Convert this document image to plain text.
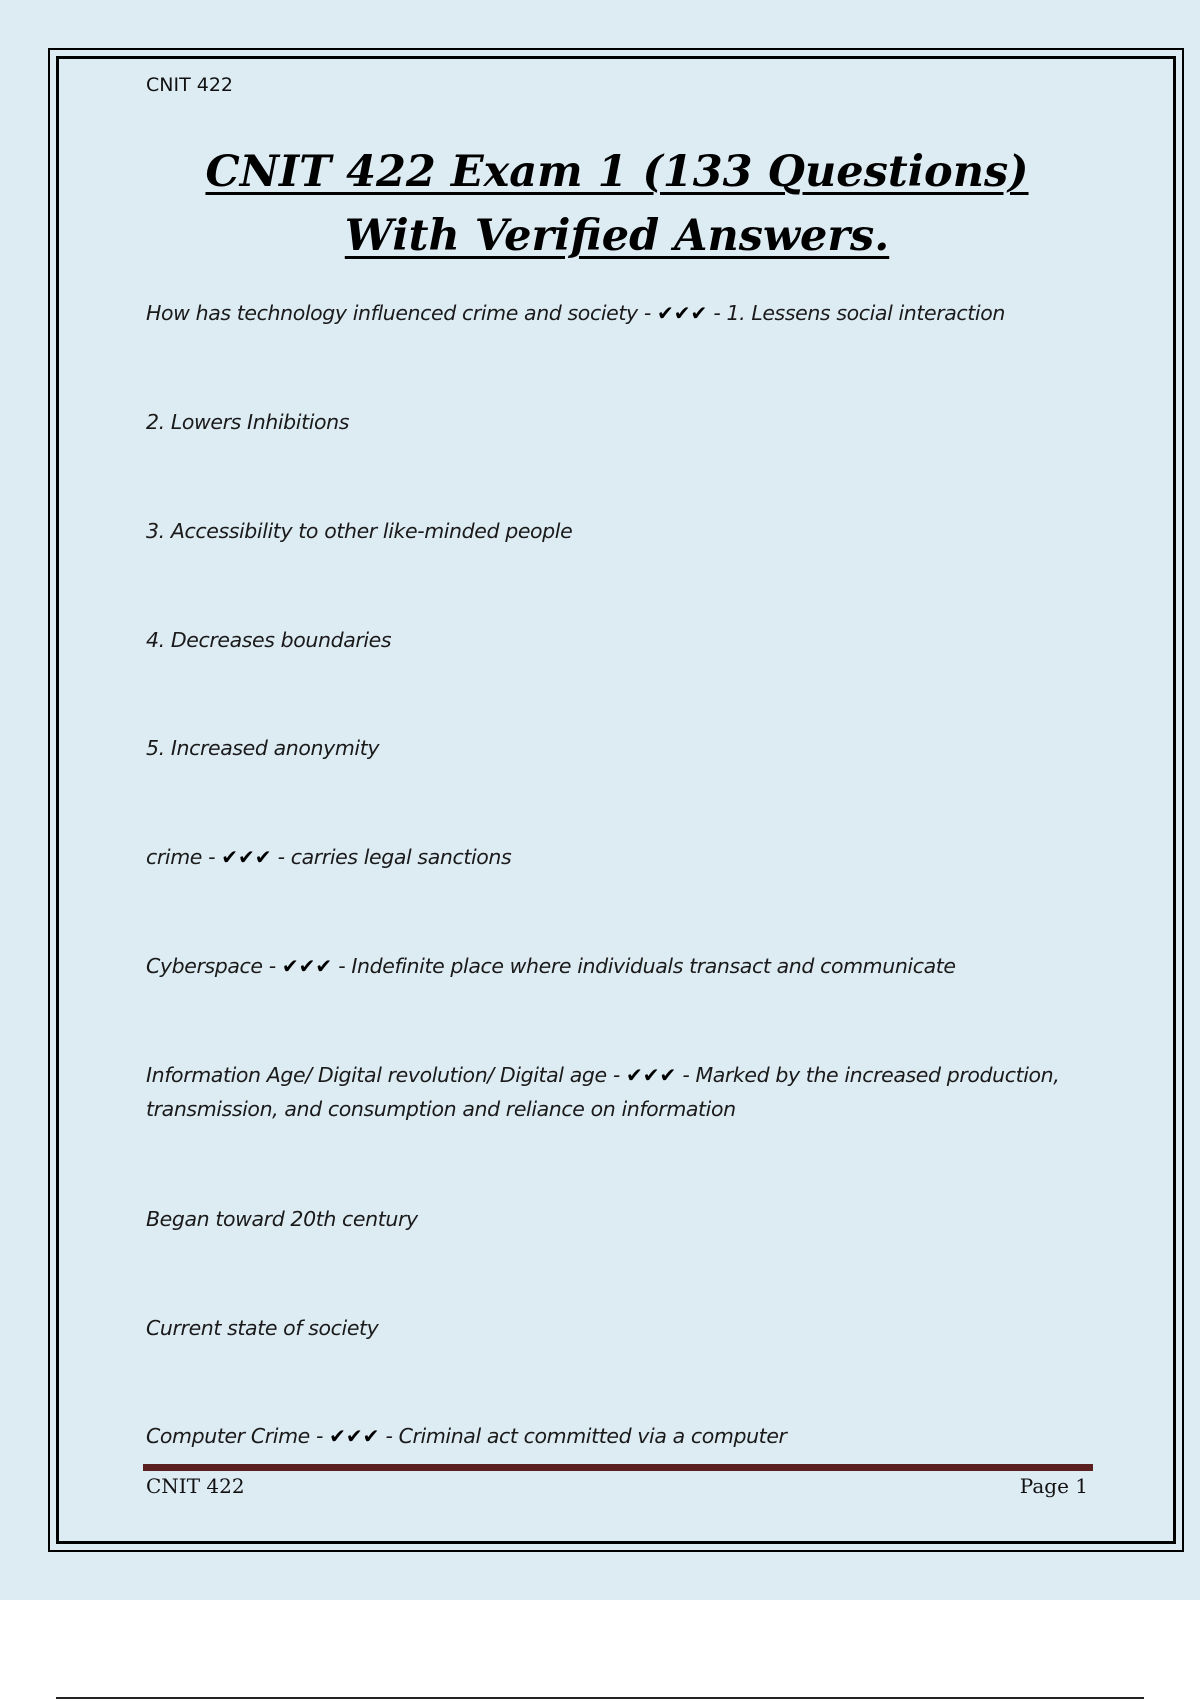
CNIT 422
CNIT 422 Exam 1 (133 Questions)
With Verified Answers.
How has technology influenced crime and society - ✔✔✔ - 1. Lessens social interaction
2. Lowers Inhibitions
3. Accessibility to other like-minded people
4. Decreases boundaries
5. Increased anonymity
crime - ✔✔✔ - carries legal sanctions
Cyberspace - ✔✔✔ - Indefinite place where individuals transact and communicate
Information Age/ Digital revolution/ Digital age - ✔✔✔ - Marked by the increased production, transmission, and consumption and reliance on information
Began toward 20th century
Current state of society
Computer Crime - ✔✔✔ - Criminal act committed via a computer
CNIT 422	Page 1
